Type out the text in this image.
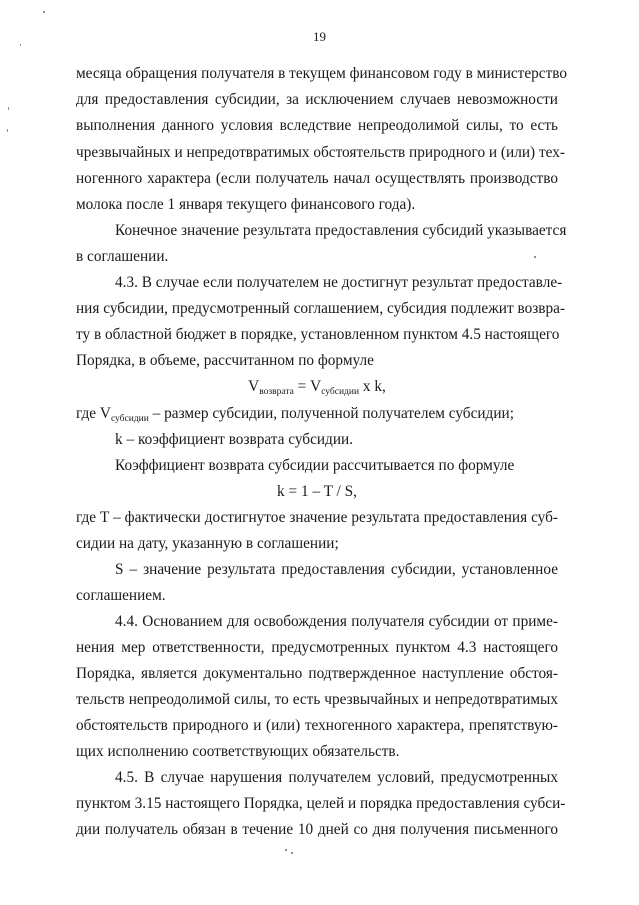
19
месяца обращения получателя в текущем финансовом году в министерство
для предоставления субсидии, за исключением случаев невозможности
выполнения данного условия вследствие непреодолимой силы, то есть
чрезвычайных и непредотвратимых обстоятельств природного и (или) тех-
ногенного характера (если получатель начал осуществлять производство
молока после 1 января текущего финансового года).
Конечное значение результата предоставления субсидий указывается
в соглашении.
4.3. В случае если получателем не достигнут результат предоставле-
ния субсидии, предусмотренный соглашением, субсидия подлежит возвра-
ту в областной бюджет в порядке, установленном пунктом 4.5 настоящего
Порядка, в объеме, рассчитанном по формуле
$V_{возврата} = V_{субсидии}$ x k,
где $V_{субсидии}$ – размер субсидии, полученной получателем субсидии;
k – коэффициент возврата субсидии.
Коэффициент возврата субсидии рассчитывается по формуле
k = 1 – T / S,
где T – фактически достигнутое значение результата предоставления суб-
сидии на дату, указанную в соглашении;
S – значение результата предоставления субсидии, установленное
соглашением.
4.4. Основанием для освобождения получателя субсидии от приме-
нения мер ответственности, предусмотренных пунктом 4.3 настоящего
Порядка, является документально подтвержденное наступление обстоя-
тельств непреодолимой силы, то есть чрезвычайных и непредотвратимых
обстоятельств природного и (или) техногенного характера, препятствую-
щих исполнению соответствующих обязательств.
4.5. В случае нарушения получателем условий, предусмотренных
пунктом 3.15 настоящего Порядка, целей и порядка предоставления субси-
дии получатель обязан в течение 10 дней со дня получения письменного
